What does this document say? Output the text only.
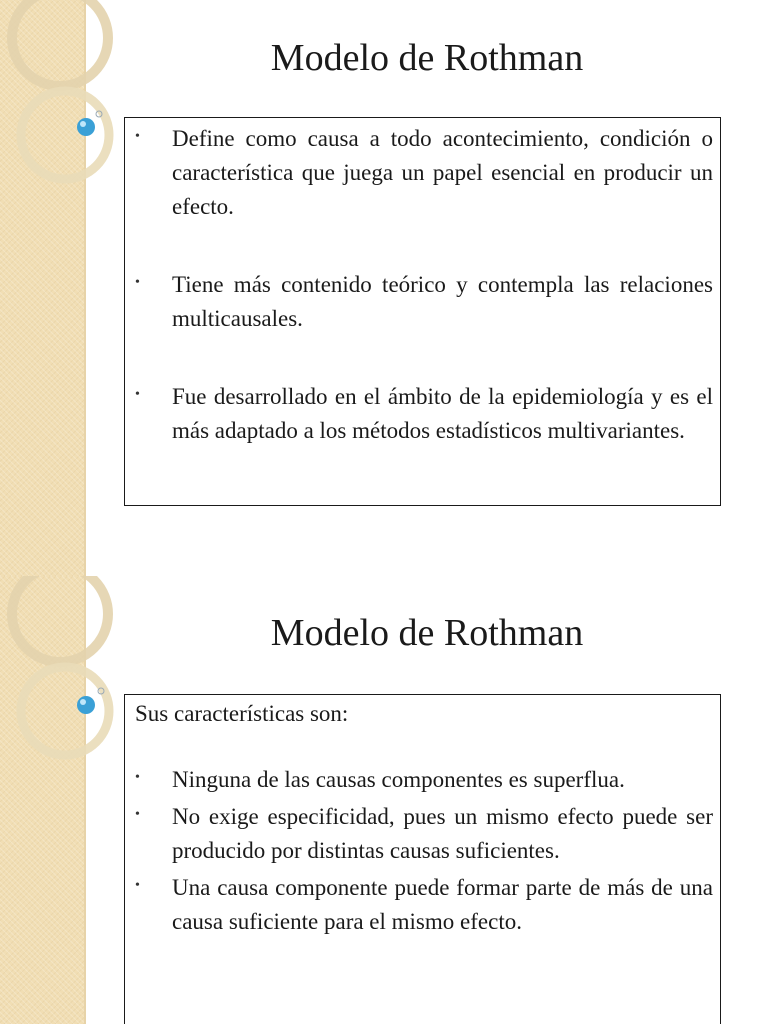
Modelo de Rothman
• Define como causa a todo acontecimiento, condición o característica que juega un papel esencial en producir un efecto.
• Tiene más contenido teórico y contempla las relaciones multicausales.
• Fue desarrollado en el ámbito de la epidemiología y es el más adaptado a los métodos estadísticos multivariantes.
Modelo de Rothman

Sus características son:

• Ninguna de las causas componentes es superflua.
• No exige especificidad, pues un mismo efecto puede ser producido por distintas causas suficientes.
• Una causa componente puede formar parte de más de una causa suficiente para el mismo efecto.
